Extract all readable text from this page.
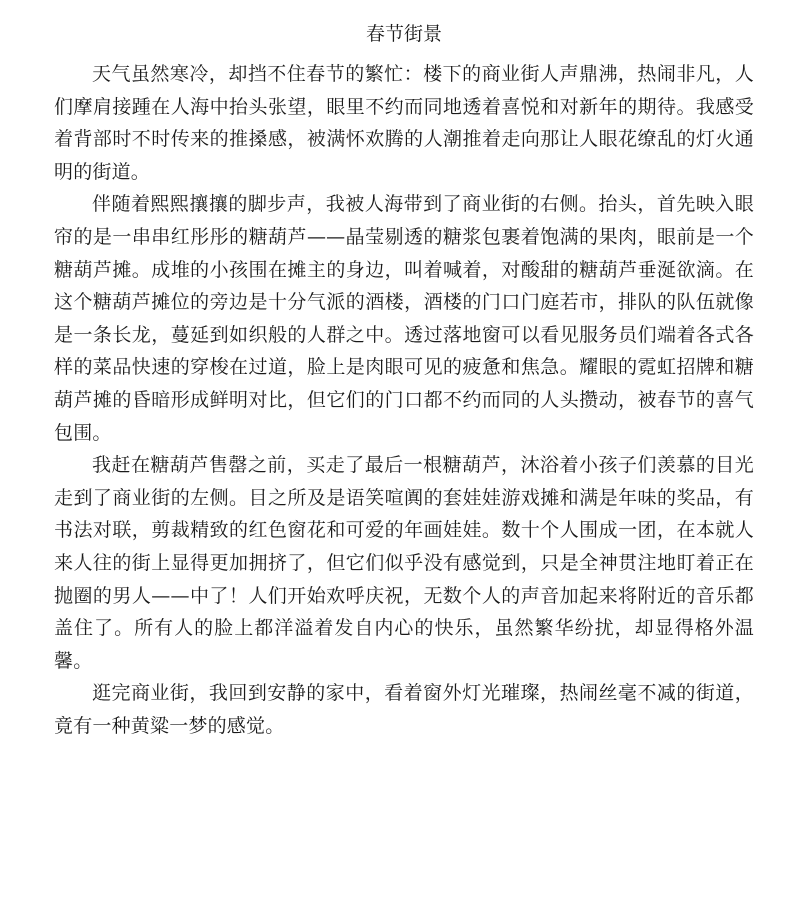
春节街景

天气虽然寒冷，却挡不住春节的繁忙：楼下的商业街人声鼎沸，热闹非凡，人们摩肩接踵在人海中抬头张望，眼里不约而同地透着喜悦和对新年的期待。我感受着背部时不时传来的推搡感，被满怀欢腾的人潮推着走向那让人眼花缭乱的灯火通明的街道。

伴随着熙熙攘攘的脚步声，我被人海带到了商业街的右侧。抬头，首先映入眼帘的是一串串红彤彤的糖葫芦——晶莹剔透的糖浆包裹着饱满的果肉，眼前是一个糖葫芦摊。成堆的小孩围在摊主的身边，叫着喊着，对酸甜的糖葫芦垂涎欲滴。在这个糖葫芦摊位的旁边是十分气派的酒楼，酒楼的门口门庭若市，排队的队伍就像是一条长龙，蔓延到如织般的人群之中。透过落地窗可以看见服务员们端着各式各样的菜品快速的穿梭在过道，脸上是肉眼可见的疲惫和焦急。耀眼的霓虹招牌和糖葫芦摊的昏暗形成鲜明对比，但它们的门口都不约而同的人头攒动，被春节的喜气包围。

我赶在糖葫芦售罄之前，买走了最后一根糖葫芦，沐浴着小孩子们羡慕的目光走到了商业街的左侧。目之所及是语笑喧阗的套娃娃游戏摊和满是年味的奖品，有书法对联，剪裁精致的红色窗花和可爱的年画娃娃。数十个人围成一团，在本就人来人往的街上显得更加拥挤了，但它们似乎没有感觉到，只是全神贯注地盯着正在抛圈的男人——中了！人们开始欢呼庆祝，无数个人的声音加起来将附近的音乐都盖住了。所有人的脸上都洋溢着发自内心的快乐，虽然繁华纷扰，却显得格外温馨。

逛完商业街，我回到安静的家中，看着窗外灯光璀璨，热闹丝毫不减的街道，竟有一种黄粱一梦的感觉。
